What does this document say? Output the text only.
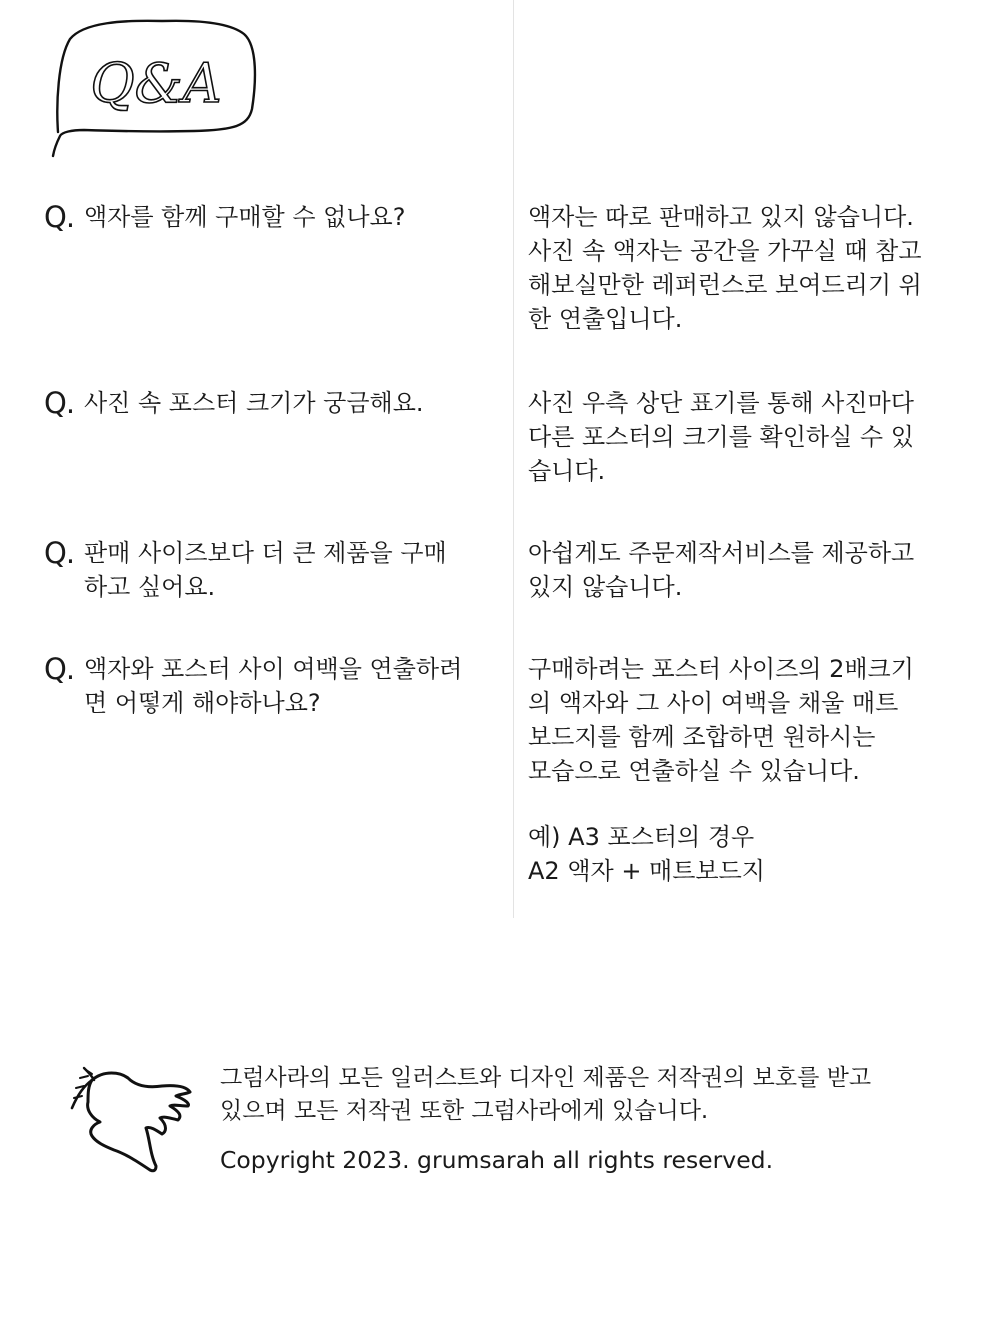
Q&A
Q. 액자를 함께 구매할 수 없나요?	액자는 따로 판매하고 있지 않습니다.
사진 속 액자는 공간을 가꾸실 때 참고
해보실만한 레퍼런스로 보여드리기 위
한 연출입니다.

Q. 사진 속 포스터 크기가 궁금해요.	사진 우측 상단 표기를 통해 사진마다
다른 포스터의 크기를 확인하실 수 있
습니다.

Q. 판매 사이즈보다 더 큰 제품을 구매
하고 싶어요.

아쉽게도 주문제작서비스를 제공하고
있지 않습니다.

Q. 액자와 포스터 사이 여백을 연출하려
면 어떻게 해야하나요?

구매하려는 포스터 사이즈의 2배크기
의 액자와 그 사이 여백을 채울 매트
보드지를 함께 조합하면 원하시는
모습으로 연출하실 수 있습니다.

예) A3 포스터의 경우
A2 액자 + 매트보드지

그럼사라의 모든 일러스트와 디자인 제품은 저작권의 보호를 받고
있으며 모든 저작권 또한 그럼사라에게 있습니다.

Copyright 2023. grumsarah all rights reserved.
